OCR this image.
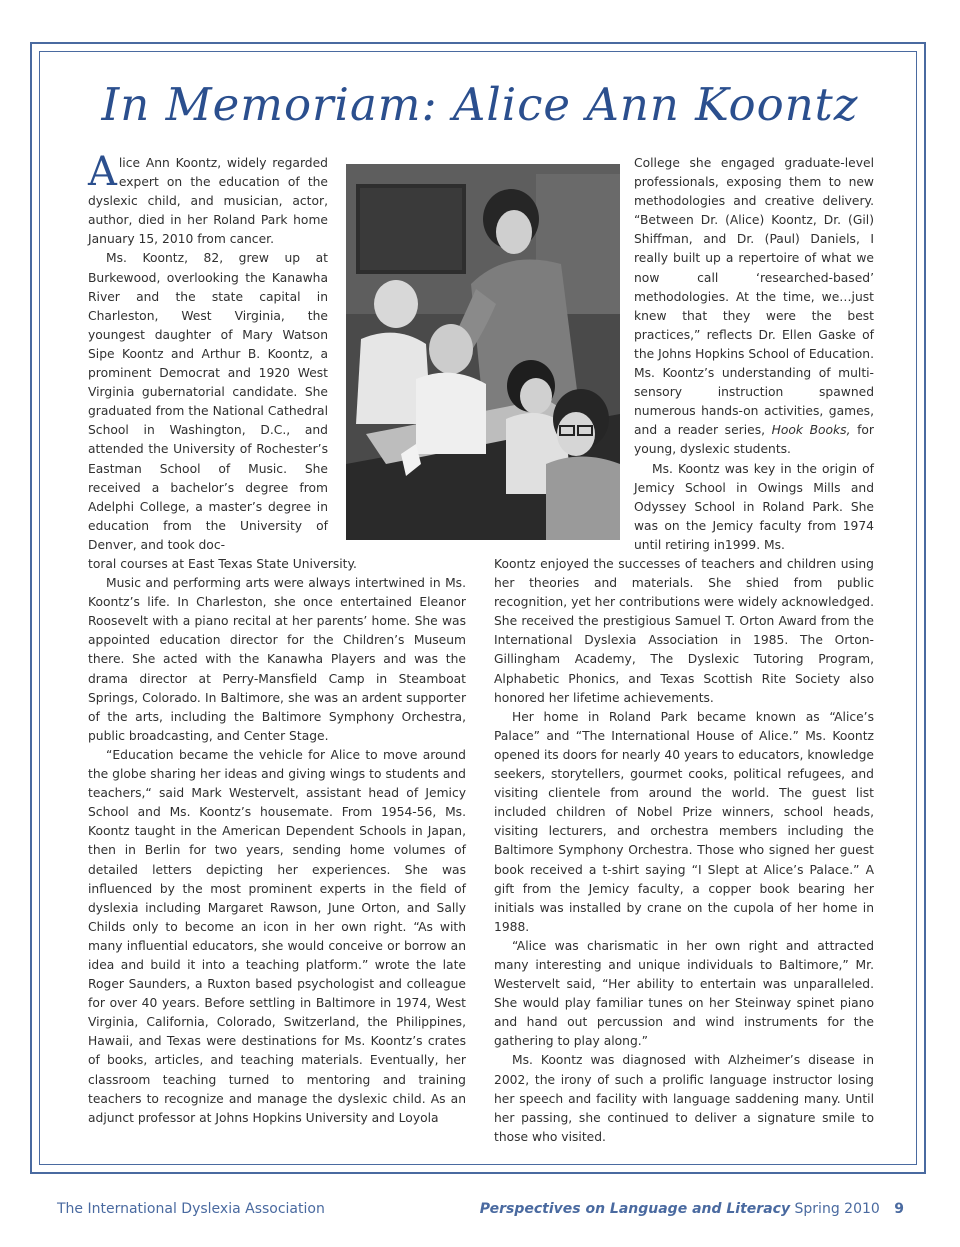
In Memoriam: Alice Ann Koontz

Alice Ann Koontz, widely regarded expert on the education of the dyslexic child, and musician, actor, author, died in her Roland Park home January 15, 2010 from cancer.

Ms. Koontz, 82, grew up at Burkewood, overlooking the Kanawha River and the state capital in Charleston, West Virginia, the youngest daughter of Mary Watson Sipe Koontz and Arthur B. Koontz, a prominent Democrat and 1920 West Virginia gubernatorial candidate. She graduated from the National Cathedral School in Washington, D.C., and attended the University of Rochester’s Eastman School of Music. She received a bachelor’s degree from Adelphi College, a master’s degree in education from the University of Denver, and took doc-

College she engaged graduate-level professionals, exposing them to new methodologies and creative delivery. “Between Dr. (Alice) Koontz, Dr. (Gil) Shiffman, and Dr. (Paul) Daniels, I really built up a repertoire of what we now call ‘researched-based’ methodologies. At the time, we…just knew that they were the best practices,” reflects Dr. Ellen Gaske of the Johns Hopkins School of Education. Ms. Koontz’s understanding of multi-sensory instruction spawned numerous hands-on activities, games, and a reader series, Hook Books, for young, dyslexic students.

Ms. Koontz was key in the origin of Jemicy School in Owings Mills and Odyssey School in Roland Park. She was on the Jemicy faculty from 1974 until retiring in1999. Ms.

toral courses at East Texas State University.

Music and performing arts were always intertwined in Ms. Koontz’s life. In Charleston, she once entertained Eleanor Roosevelt with a piano recital at her parents’ home. She was appointed education director for the Children’s Museum there. She acted with the Kanawha Players and was the drama director at Perry-Mansfield Camp in Steamboat Springs, Colorado. In Baltimore, she was an ardent supporter of the arts, including the Baltimore Symphony Orchestra, public broadcasting, and Center Stage.

“Education became the vehicle for Alice to move around the globe sharing her ideas and giving wings to students and teachers,“ said Mark Westervelt, assistant head of Jemicy School and Ms. Koontz’s housemate. From 1954-56, Ms. Koontz taught in the American Dependent Schools in Japan, then in Berlin for two years, sending home volumes of detailed letters depicting her experiences. She was influenced by the most prominent experts in the field of dyslexia including Margaret Rawson, June Orton, and Sally Childs only to become an icon in her own right. “As with many influential educators, she would conceive or borrow an idea and build it into a teaching platform.” wrote the late Roger Saunders, a Ruxton based psychologist and colleague for over 40 years. Before settling in Baltimore in 1974, West Virginia, California, Colorado, Switzerland, the Philippines, Hawaii, and Texas were destinations for Ms. Koontz’s crates of books, articles, and teaching materials. Eventually, her classroom teaching turned to mentoring and training teachers to recognize and manage the dyslexic child. As an adjunct professor at Johns Hopkins University and Loyola

Koontz enjoyed the successes of teachers and children using her theories and materials. She shied from public recognition, yet her contributions were widely acknowledged. She received the prestigious Samuel T. Orton Award from the International Dyslexia Association in 1985. The Orton-Gillingham Academy, The Dyslexic Tutoring Program, Alphabetic Phonics, and Texas Scottish Rite Society also honored her lifetime achievements.

Her home in Roland Park became known as “Alice’s Palace” and “The International House of Alice.” Ms. Koontz opened its doors for nearly 40 years to educators, knowledge seekers, storytellers, gourmet cooks, political refugees, and visiting clientele from around the world. The guest list included children of Nobel Prize winners, school heads, visiting lecturers, and orchestra members including the Baltimore Symphony Orchestra. Those who signed her guest book received a t-shirt saying “I Slept at Alice’s Palace.” A gift from the Jemicy faculty, a copper book bearing her initials was installed by crane on the cupola of her home in 1988.

“Alice was charismatic in her own right and attracted many interesting and unique individuals to Baltimore,” Mr. Westervelt said, “Her ability to entertain was unparalleled. She would play familiar tunes on her Steinway spinet piano and hand out percussion and wind instruments for the gathering to play along.”

Ms. Koontz was diagnosed with Alzheimer’s disease in 2002, the irony of such a prolific language instructor losing her speech and facility with language saddening many. Until her passing, she continued to deliver a signature smile to those who visited.

The International Dyslexia Association	Perspectives on Language and Literacy Spring 2010 9
